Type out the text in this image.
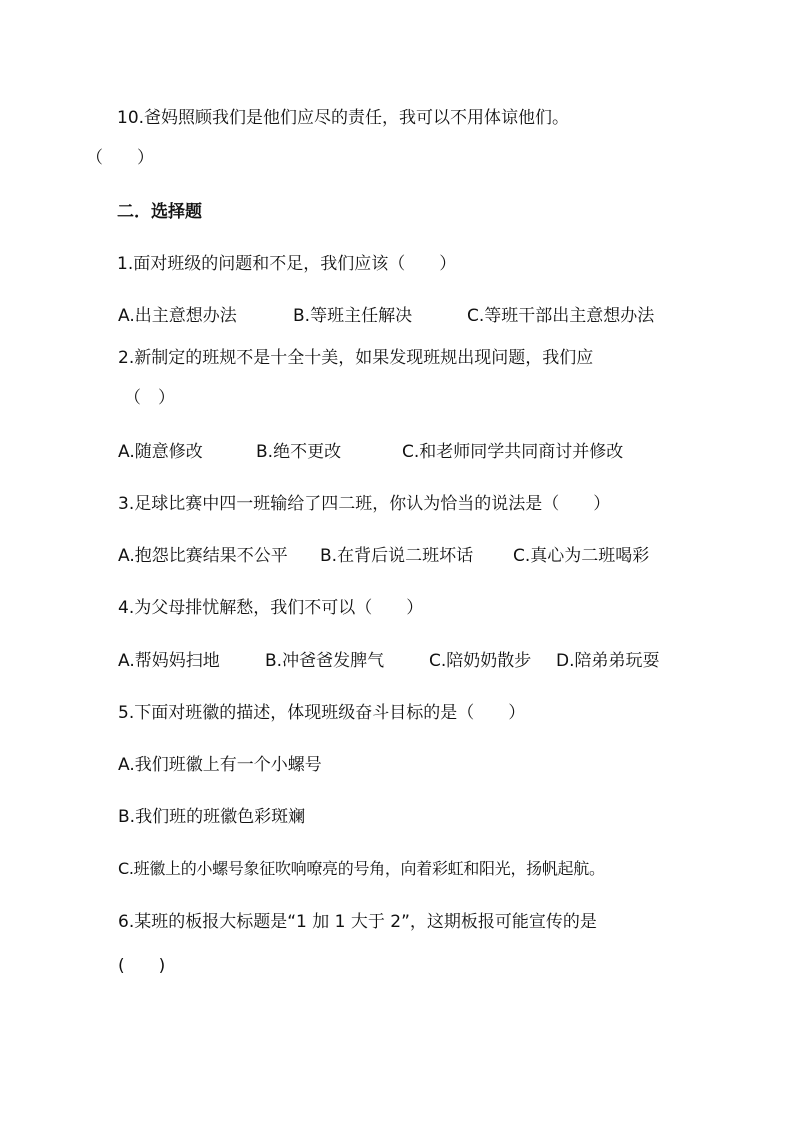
10.爸妈照顾我们是他们应尽的责任，我可以不用体谅他们。
（　　）
二．选择题
1.面对班级的问题和不足，我们应该（　　）
A.出主意想办法	B.等班主任解决	C.等班干部出主意想办法
2.新制定的班规不是十全十美，如果发现班规出现问题，我们应
（　）
A.随意修改	B.绝不更改	C.和老师同学共同商讨并修改
3.足球比赛中四一班输给了四二班，你认为恰当的说法是（　　）
A.抱怨比赛结果不公平 B.在背后说二班坏话 C.真心为二班喝彩
4.为父母排忧解愁，我们不可以（　　）
A.帮妈妈扫地	B.冲爸爸发脾气	C.陪奶奶散步 D.陪弟弟玩耍
5.下面对班徽的描述，体现班级奋斗目标的是（　　）
A.我们班徽上有一个小螺号
B.我们班的班徽色彩斑斓
C.班徽上的小螺号象征吹响嘹亮的号角，向着彩虹和阳光，扬帆起航。
6.某班的板报大标题是“1 加 1 大于 2”，这期板报可能宣传的是
(　　)
